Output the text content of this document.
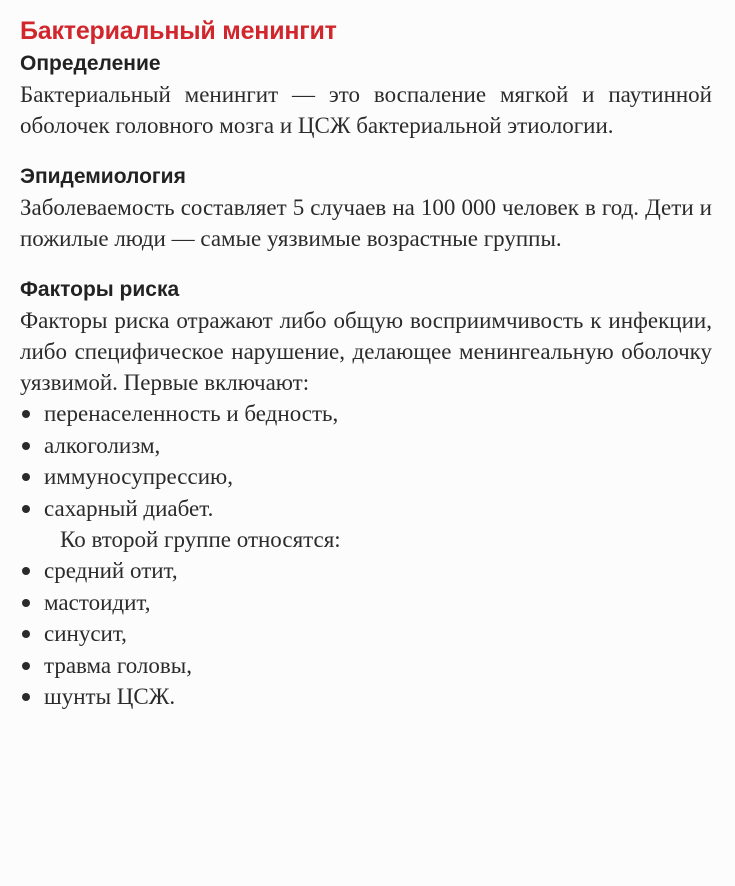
Бактериальный менингит
Определение

Бактериальный менингит — это воспаление мягкой и паутинной оболочек головного мозга и ЦСЖ бактериальной этиологии.

Эпидемиология

Заболеваемость составляет 5 случаев на 100 000 человек в год. Дети и пожилые люди — самые уязвимые возрастные группы.

Факторы риска

Факторы риска отражают либо общую восприимчивость к инфекции, либо специфическое нарушение, делающее менингеальную оболочку уязвимой. Первые включают:

перенаселенность и бедность,
алкоголизм,
иммуносупрессию,
сахарный диабет.

Ко второй группе относятся:

средний отит,
мастоидит,
синусит,
травма головы,
шунты ЦСЖ.
